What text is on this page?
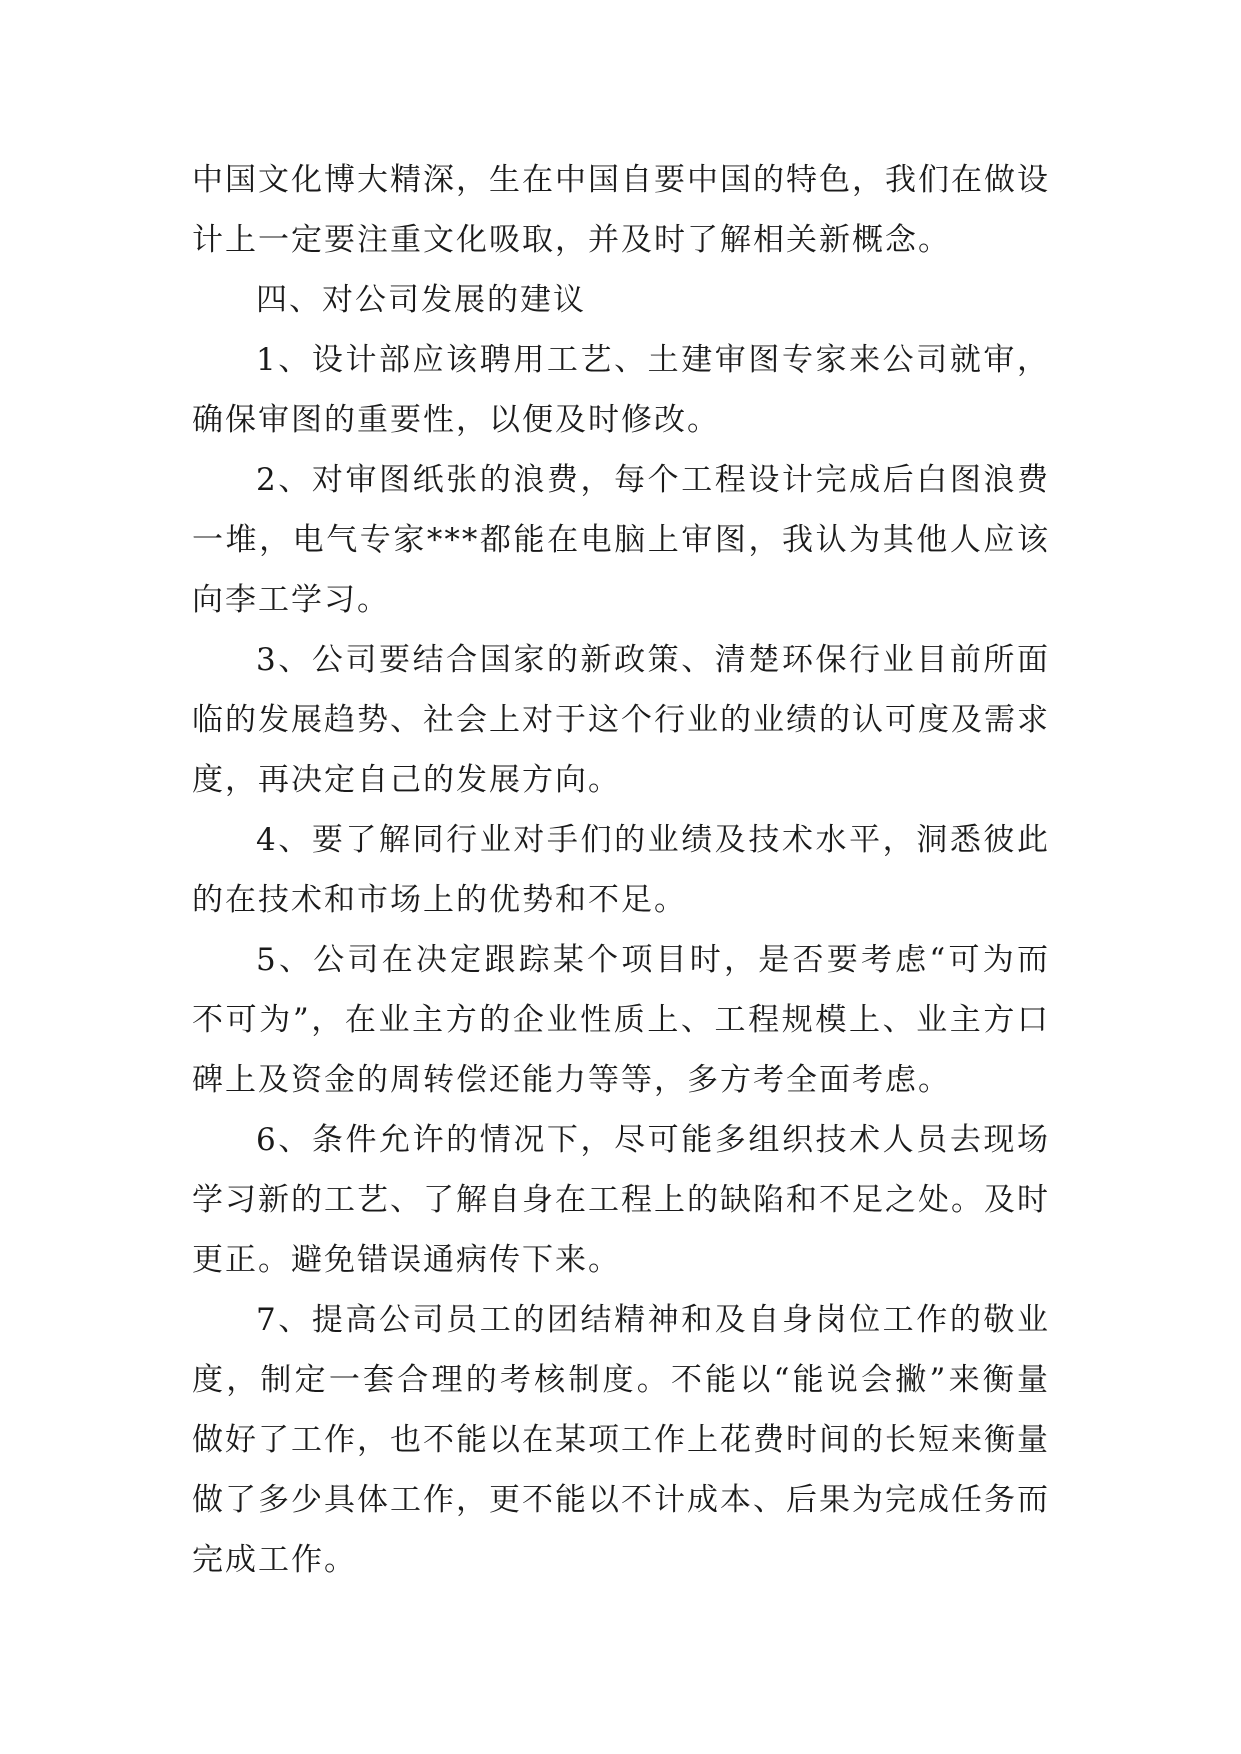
中国文化博大精深，生在中国自要中国的特色，我们在做设计上一定要注重文化吸取，并及时了解相关新概念。

四、对公司发展的建议

1、设计部应该聘用工艺、土建审图专家来公司就审，确保审图的重要性，以便及时修改。

2、对审图纸张的浪费，每个工程设计完成后白图浪费一堆，电气专家***都能在电脑上审图，我认为其他人应该向李工学习。

3、公司要结合国家的新政策、清楚环保行业目前所面临的发展趋势、社会上对于这个行业的业绩的认可度及需求度，再决定自己的发展方向。

4、要了解同行业对手们的业绩及技术水平，洞悉彼此的在技术和市场上的优势和不足。

5、公司在决定跟踪某个项目时，是否要考虑“可为而不可为”，在业主方的企业性质上、工程规模上、业主方口碑上及资金的周转偿还能力等等，多方考全面考虑。

6、条件允许的情况下，尽可能多组织技术人员去现场学习新的工艺、了解自身在工程上的缺陷和不足之处。及时更正。避免错误通病传下来。

7、提高公司员工的团结精神和及自身岗位工作的敬业度，制定一套合理的考核制度。不能以“能说会撇”来衡量做好了工作，也不能以在某项工作上花费时间的长短来衡量做了多少具体工作，更不能以不计成本、后果为完成任务而完成工作。
